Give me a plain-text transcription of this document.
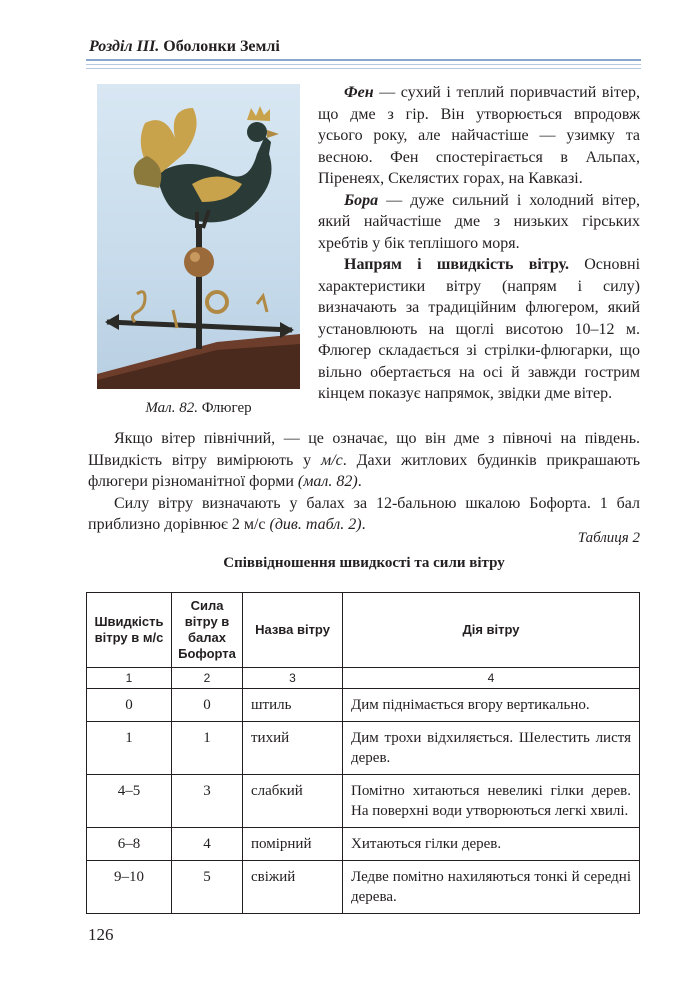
Розділ III. Оболонки Землі
Мал. 82. Флюгер

Фен — сухий і теплий поривчастий вітер, що дме з гір. Він утворюється впродовж усього року, але найчастіше — узимку та весною. Фен спостерігається в Альпах, Піренеях, Скелястих горах, на Кавказі.

Бора — дуже сильний і холодний вітер, який найчастіше дме з низьких гірських хребтів у бік теплішого моря.

Напрям і швидкість вітру. Основні характеристики вітру (напрям і силу) визначають за традиційним флюгером, який установлюють на щоглі висотою 10–12 м. Флюгер складається зі стрілки-флюгарки, що вільно обертається на осі й завжди гострим кінцем показує напрямок, звідки дме вітер.

Якщо вітер північний, — це означає, що він дме з півночі на південь. Швидкість вітру вимірюють у м/с. Дахи житлових будинків прикрашають флюгери різноманітної форми (мал. 82).

Силу вітру визначають у балах за 12-бальною шкалою Бофорта. 1 бал приблизно дорівнює 2 м/с (див. табл. 2).

Таблиця 2
Співвідношення швидкості та сили вітру
Швидкість вітру в м/с	Сила вітру в балах Бофорта	Назва вітру	Дія вітру
1	2	3	4
0	0	штиль	Дим піднімається вгору вертикально.
1	1	тихий	Дим трохи відхиляється. Шелестить листя дерев.
4–5	3	слабкий	Помітно хитаються невеликі гілки дерев. На поверхні води утворюються легкі хвилі.
6–8	4	помірний	Хитаються гілки дерев.
9–10	5	свіжий	Ледве помітно нахиляються тонкі й середні дерева.
126
